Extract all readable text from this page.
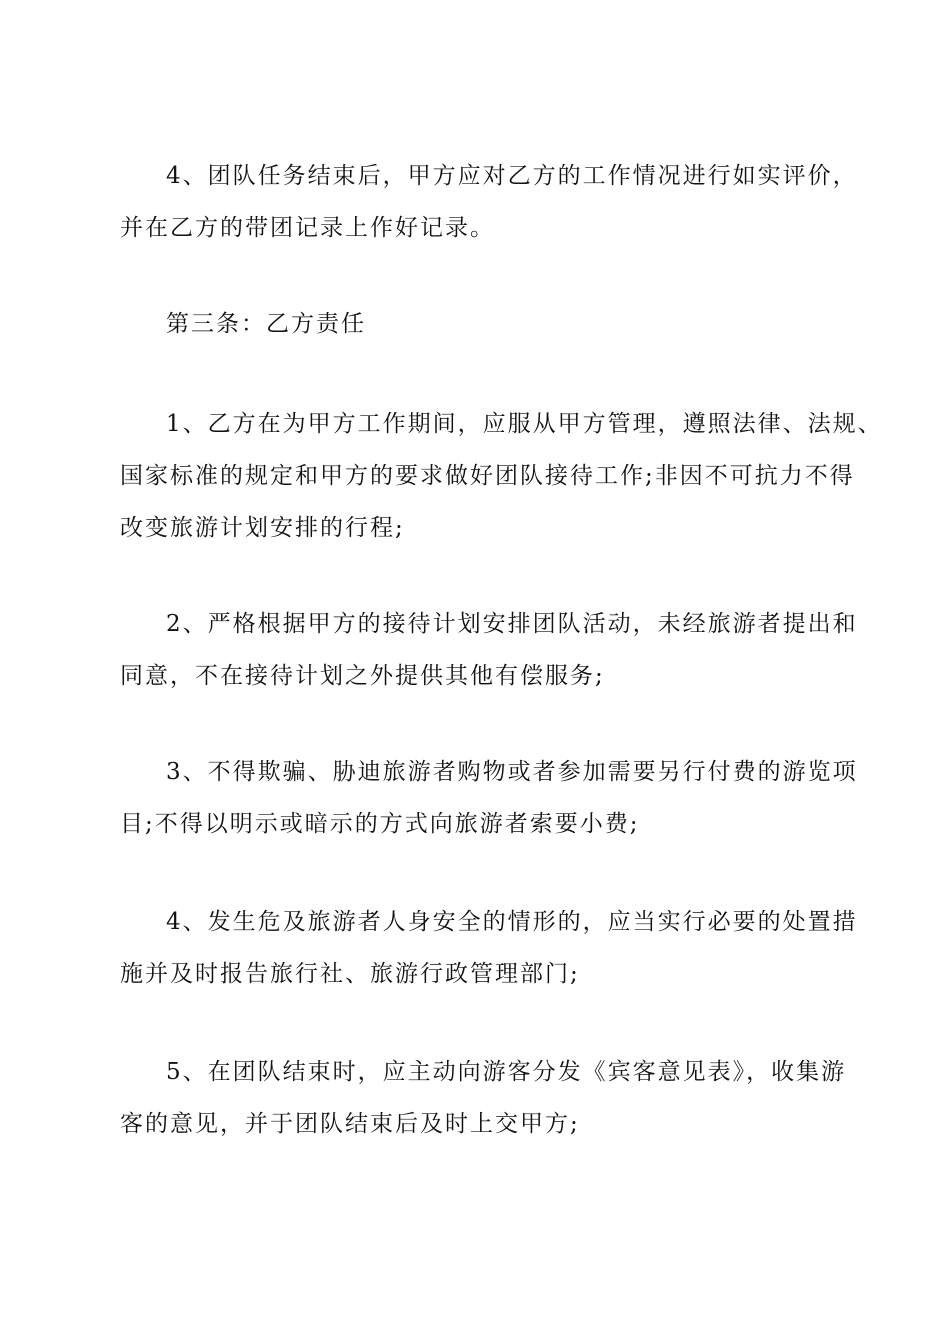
4、团队任务结束后，甲方应对乙方的工作情况进行如实评价，
并在乙方的带团记录上作好记录。
第三条：乙方责任
1、乙方在为甲方工作期间，应服从甲方管理，遵照法律、法规、
国家标准的规定和甲方的要求做好团队接待工作;非因不可抗力不得
改变旅游计划安排的行程;
2、严格根据甲方的接待计划安排团队活动，未经旅游者提出和
同意，不在接待计划之外提供其他有偿服务;
3、不得欺骗、胁迪旅游者购物或者参加需要另行付费的游览项
目;不得以明示或暗示的方式向旅游者索要小费;
4、发生危及旅游者人身安全的情形的，应当实行必要的处置措
施并及时报告旅行社、旅游行政管理部门;
5、在团队结束时，应主动向游客分发《宾客意见表》，收集游
客的意见，并于团队结束后及时上交甲方;
